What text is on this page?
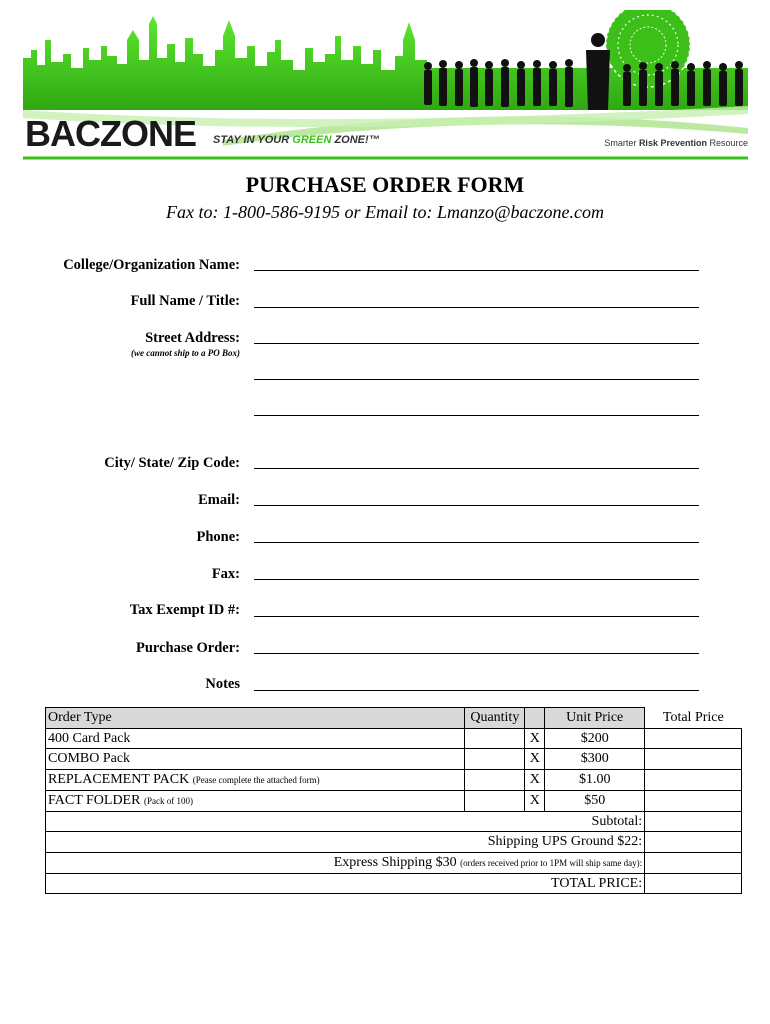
BACZONE STAY IN YOUR GREEN ZONE!™	Smarter Risk Prevention Resource
PURCHASE ORDER FORM
Fax to: 1-800-586-9195 or Email to: Lmanzo@baczone.com
College/Organization Name:
Full Name / Title:
Street Address:
(we cannot ship to a PO Box)
City/ State/ Zip Code:
Email:
Phone:
Fax:
Tax Exempt ID #:
Purchase Order:
Notes
Order Type	Quantity		Unit Price	Total Price
400 Card Pack		X	$200	
COMBO Pack		X	$300	
REPLACEMENT PACK (Pease complete the attached form)		X	$1.00	
FACT FOLDER (Pack of 100)		X	$50	
Subtotal:				
Shipping UPS Ground $22:				
Express Shipping $30 (orders received prior to 1PM will ship same day):				
TOTAL PRICE:				
